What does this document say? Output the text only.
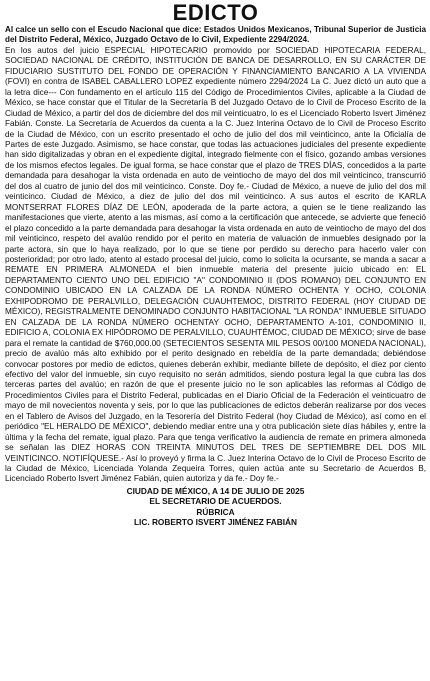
EDICTO

Al calce un sello con el Escudo Nacional que dice: Estados Unidos Mexicanos, Tribunal Superior de Justicia del Distrito Federal, México, Juzgado Octavo de lo Civil, Expediente 2294/2024.

En los autos del juicio ESPECIAL HIPOTECARIO promovido por SOCIEDAD HIPOTECARIA FEDERAL, SOCIEDAD NACIONAL DE CRÉDITO, INSTITUCIÓN DE BANCA DE DESARROLLO, EN SU CARÁCTER DE FIDUCIARIO SUSTITUTO DEL FONDO DE OPERACIÓN Y FINANCIAMIENTO BANCARIO A LA VIVIENDA (FOVI) en contra de ISABEL CABALLERO LOPEZ expediente número 2294/2024 La C. Juez dictó un auto que a la letra dice--- Con fundamento en el artículo 115 del Código de Procedimientos Civiles, aplicable a la Ciudad de México, se hace constar que el Titular de la Secretaría B del Juzgado Octavo de lo Civil de Proceso Escrito de la Ciudad de México, a partir del dos de diciembre del dos mil veinticuatro, lo es el Licenciado Roberto Isvert Jiménez Fabián. Conste. La Secretaría de Acuerdos da cuenta a la C. Juez Interina Octavo de lo Civil de Proceso Escrito de la Ciudad de México, con un escrito presentado el ocho de julio del dos mil veinticinco, ante la Oficialía de Partes de este Juzgado. Asimismo, se hace constar, que todas las actuaciones judiciales del presente expediente han sido digitalizadas y obran en el expediente digital, integrado fielmente con el físico, gozando ambas versiones de los mismos efectos legales. De igual forma, se hace constar que el plazo de TRES DÍAS, concedidos a la parte demandada para desahogar la vista ordenada en auto de veintiocho de mayo del dos mil veinticinco, transcurrió del dos al cuatro de junio del dos mil veinticinco. Conste. Doy fe.- Ciudad de México, a nueve de julio del dos mil veinticinco. Ciudad de México, a diez de julio del dos mil veinticinco. A sus autos el escrito de KARLA MONTSERRAT FLORES DÍAZ DE LEÓN, apoderada de la parte actora, a quien se le tiene realizando las manifestaciones que vierte, atento a las mismas, así como a la certificación que antecede, se advierte que feneció el plazo concedido a la parte demandada para desahogar la vista ordenada en auto de veintiocho de mayo del dos mil veinticinco, respeto del avalúo rendido por el perito en materia de valuación de inmuebles designado por la parte actora, sin que lo haya realizado, por lo que se tiene por perdido su derecho para hacerlo valer con posterioridad; por otro lado, atento al estado procesal del juicio, como lo solicita la ocursante, se manda a sacar a REMATE EN PRIMERA ALMONEDA el bien inmueble materia del presente juicio ubicado en: EL DEPARTAMENTO CIENTO UNO DEL EDIFICIO "A" CONDOMINIO II (DOS ROMANO) DEL CONJUNTO EN CONDOMINIO UBICADO EN LA CALZADA DE LA RONDA NÚMERO OCHENTA Y OCHO, COLONIA EXHIPODROMO DE PERALVILLO, DELEGACIÓN CUAUHTEMOC, DISTRITO FEDERAL (HOY CIUDAD DE MÉXICO), REGISTRALMENTE DENOMINADO CONJUNTO HABITACIONAL "LA RONDA" INMUEBLE SITUADO EN CALZADA DE LA RONDA NÚMERO OCHENTAY OCHO, DEPARTAMENTO A-101, CONDOMINIO II, EDIFICIO A, COLONIA EX HIPÓDROMO DE PERALVILLO, CUAUHTÉMOC, CIUDAD DE MÉXICO; sirve de base para el remate la cantidad de $760,000.00 (SETECIENTOS SESENTA MIL PESOS 00/100 MONEDA NACIONAL), precio de avalúo más alto exhibido por el perito designado en rebeldía de la parte demandada; debiéndose convocar postores por medio de edictos, quienes deberán exhibir, mediante billete de depósito, el diez por ciento efectivo del valor del inmueble, sin cuyo requisito no serán admitidos, siendo postura legal la que cubra las dos terceras partes del avalúo; en razón de que el presente juicio no le son aplicables las reformas al Código de Procedimientos Civiles para el Distrito Federal, publicadas en el Diario Oficial de la Federación el veinticuatro de mayo de mil novecientos noventa y seis, por lo que las publicaciones de edictos deberán realizarse por dos veces en el Tablero de Avisos del Juzgado, en la Tesorería del Distrito Federal (hoy Ciudad de México), así como en el periódico "EL HERALDO DE MÉXICO", debiendo mediar entre una y otra publicación siete días hábiles y, entre la última y la fecha del remate, igual plazo. Para que tenga verificativo la audiencia de remate en primera almoneda se señalan las DIEZ HORAS CON TREINTA MINUTOS DEL TRES DE SEPTIEMBRE DEL DOS MIL VEINTICINCO. NOTIFÍQUESE.- Así lo proveyó y firma la C. Juez Interina Octavo de lo Civil de Proceso Escrito de la Ciudad de México, Licenciada Yolanda Zequeira Torres, quien actúa ante su Secretario de Acuerdos B, Licenciado Roberto Isvert Jiménez Fabián, quien autoriza y da fe.- Doy fe.-

CIUDAD DE MÉXICO, A 14 DE JULIO DE 2025
EL SECRETARIO DE ACUERDOS.
RÚBRICA
LIC. ROBERTO ISVERT JIMÉNEZ FABIÁN
